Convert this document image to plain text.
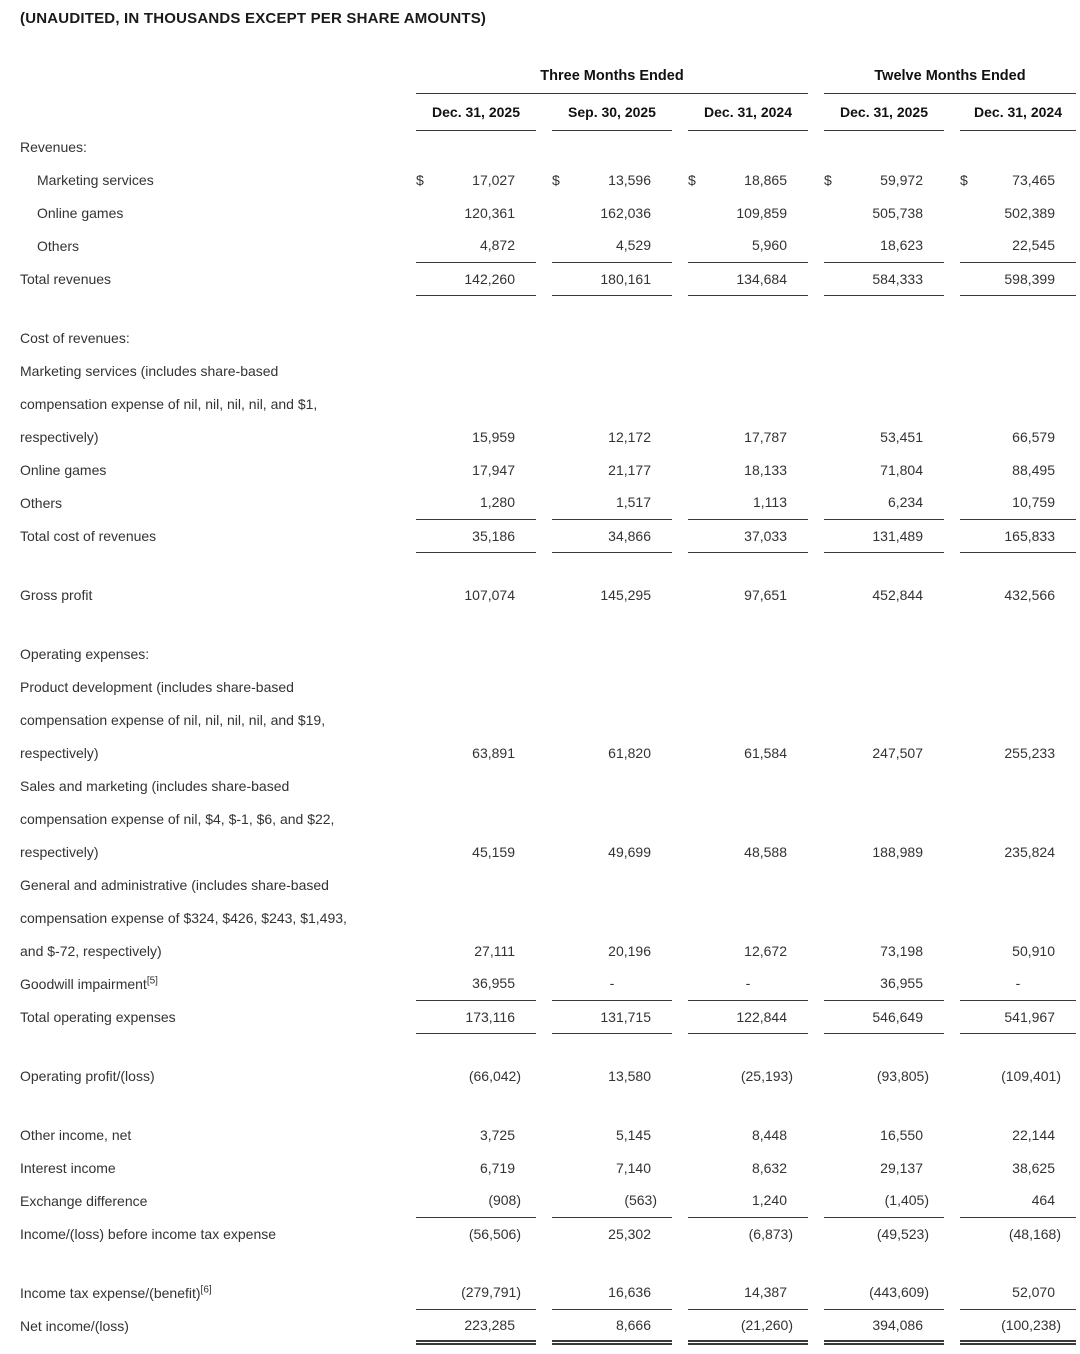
(UNAUDITED, IN THOUSANDS EXCEPT PER SHARE AMOUNTS)
	Three Months Ended						Twelve Months Ended		
	Dec. 31, 2025		Sep. 30, 2025		Dec. 31, 2024		Dec. 31, 2025		Dec. 31, 2024
Revenues:									
Marketing services	$ 17,027		$ 13,596		$ 18,865		$ 59,972		$ 73,465
Online games	120,361		162,036		109,859		505,738		502,389
Others	4,872		4,529		5,960		18,623		22,545
Total revenues	142,260		180,161		134,684		584,333		598,399

Cost of revenues:									
Marketing services (includes share-based									
compensation expense of nil, nil, nil, nil, and $1,									
respectively)	15,959		12,172		17,787		53,451		66,579
Online games	17,947		21,177		18,133		71,804		88,495
Others	1,280		1,517		1,113		6,234		10,759
Total cost of revenues	35,186		34,866		37,033		131,489		165,833

Gross profit	107,074		145,295		97,651		452,844		432,566

Operating expenses:									
Product development (includes share-based									
compensation expense of nil, nil, nil, nil, and $19,									
respectively)	63,891		61,820		61,584		247,507		255,233
Sales and marketing (includes share-based									
compensation expense of nil, $4, $-1, $6, and $22,									
respectively)	45,159		49,699		48,588		188,989		235,824
General and administrative (includes share-based									
compensation expense of $324, $426, $243, $1,493,									
and $-72, respectively)	27,111		20,196		12,672		73,198		50,910
Goodwill impairment[5]	36,955		-		-		36,955		-
Total operating expenses	173,116		131,715		122,844		546,649		541,967

Operating profit/(loss)	(66,042)		13,580		(25,193)		(93,805)		(109,401)

Other income, net	3,725		5,145		8,448		16,550		22,144
Interest income	6,719		7,140		8,632		29,137		38,625
Exchange difference	(908)		(563)		1,240		(1,405)		464
Income/(loss) before income tax expense	(56,506)		25,302		(6,873)		(49,523)		(48,168)

Income tax expense/(benefit)[6]	(279,791)		16,636		14,387		(443,609)		52,070
Net income/(loss)	223,285		8,666		(21,260)		394,086		(100,238)
